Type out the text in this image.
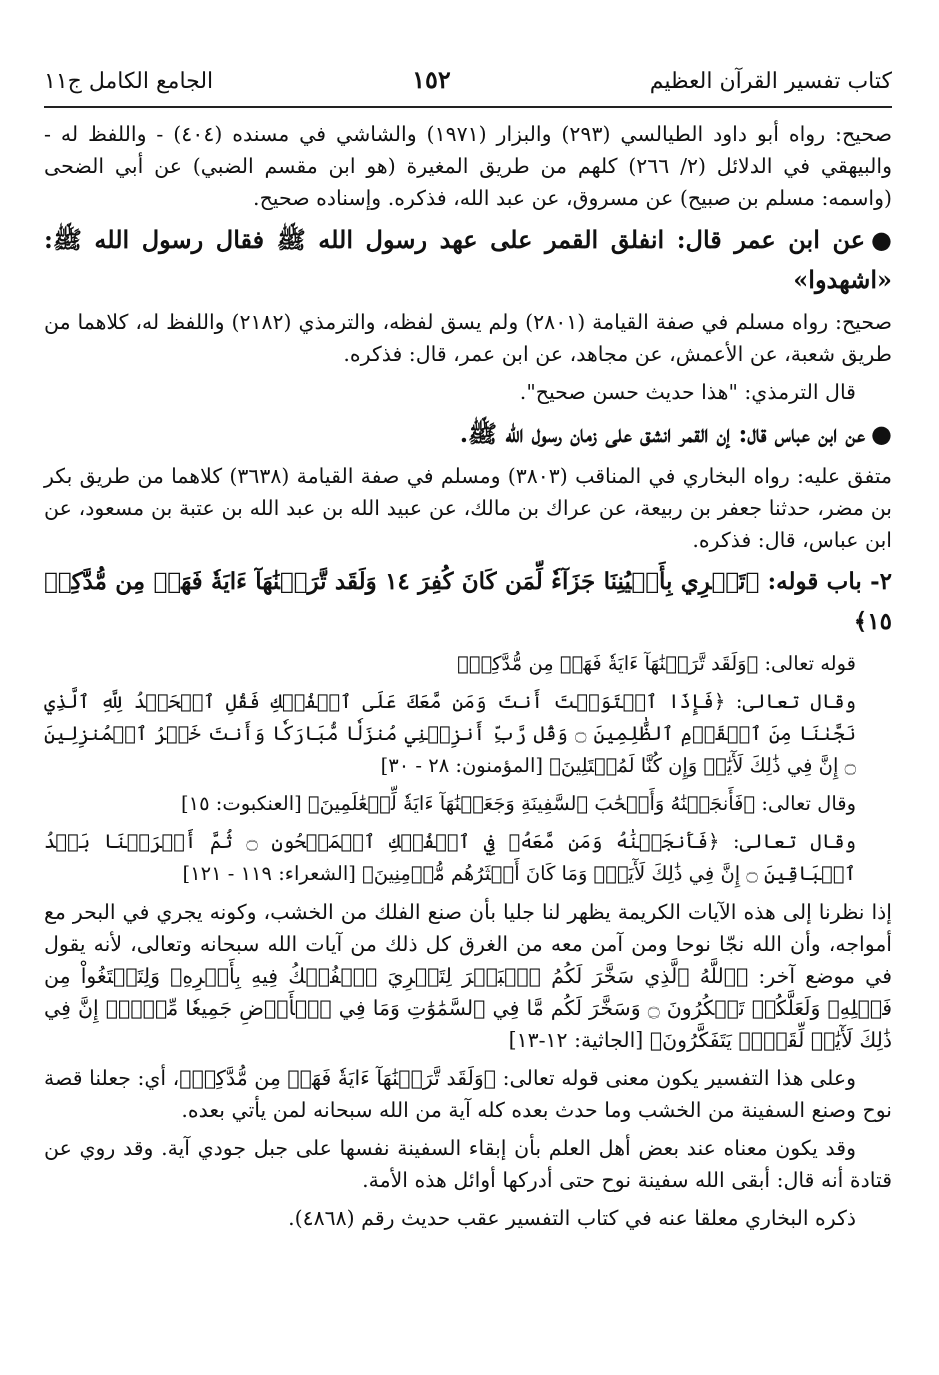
كتاب تفسير القرآن العظيم
١٥٢
الجامع الكامل ج١١

صحيح: رواه أبو داود الطيالسي (٢٩٣) والبزار (١٩٧١) والشاشي في مسنده (٤٠٤) - واللفظ له - والبيهقي في الدلائل (٢/ ٢٦٦) كلهم من طريق المغيرة (هو ابن مقسم الضبي) عن أبي الضحى (واسمه: مسلم بن صبيح) عن مسروق، عن عبد الله، فذكره. وإسناده صحيح.

●عن ابن عمر قال: انفلق القمر على عهد رسول الله ﷺ فقال رسول الله ﷺ: «اشهدوا»

صحيح: رواه مسلم في صفة القيامة (٢٨٠١) ولم يسق لفظه، والترمذي (٢١٨٢) واللفظ له، كلاهما من طريق شعبة، عن الأعمش، عن مجاهد، عن ابن عمر، قال: فذكره.

قال الترمذي: "هذا حديث حسن صحيح".

●عن ابن عباس قال: إن القمر انشق على زمان رسول الله ﷺ.

متفق عليه: رواه البخاري في المناقب (٣٨٠٣) ومسلم في صفة القيامة (٣٦٣٨) كلاهما من طريق بكر بن مضر، حدثنا جعفر بن ربيعة، عن عراك بن مالك، عن عبيد الله بن عبد الله بن عتبة بن مسعود، عن ابن عباس، قال: فذكره.

٢- باب قوله: ﴿تَجۡرِي بِأَعۡيُنِنَا جَزَآءٗ لِّمَن كَانَ كُفِرَ ١٤ وَلَقَد تَّرَكۡنَٰهَآ ءَايَةٗ فَهَلۡ مِن مُّدَّكِرٖ ١٥﴾

قوله تعالى: ﴿وَلَقَد تَّرَكۡنَٰهَآ ءَايَةٗ فَهَلۡ مِن مُّدَّكِرٖ﴾

وقال تعالى: ﴿فَإِذَا ٱسۡتَوَيۡتَ أَنتَ وَمَن مَّعَكَ عَلَى ٱلۡفُلۡكِ فَقُلِ ٱلۡحَمۡدُ لِلَّهِ ٱلَّذِي نَجَّىٰنَا مِنَ ٱلۡقَوۡمِ ٱلظَّٰلِمِينَ ۝ وَقُل رَّبِّ أَنزِلۡنِي مُنزَلٗا مُّبَارَكٗا وَأَنتَ خَيۡرُ ٱلۡمُنزِلِينَ ۝ إِنَّ فِي ذَٰلِكَ لَأٓيَٰتٖ وَإِن كُنَّا لَمُبۡتَلِينَ﴾ [المؤمنون: ٢٨ - ٣٠]

وقال تعالى: ﴿فَأَنجَيۡنَٰهُ وَأَصۡحَٰبَ ٱلسَّفِينَةِ وَجَعَلۡنَٰهَآ ءَايَةٗ لِّلۡعَٰلَمِينَ﴾ [العنكبوت: ١٥]

وقال تعالى: ﴿فَأَنجَيۡنَٰهُ وَمَن مَّعَهُۥ فِي ٱلۡفُلۡكِ ٱلۡمَشۡحُونِ ۝ ثُمَّ أَغۡرَقۡنَا بَعۡدُ ٱلۡبَاقِينَ ۝ إِنَّ فِي ذَٰلِكَ لَأٓيَةٗۖ وَمَا كَانَ أَكۡثَرُهُم مُّؤۡمِنِينَ﴾ [الشعراء: ١١٩ - ١٢١]

إذا نظرنا إلى هذه الآيات الكريمة يظهر لنا جليا بأن صنع الفلك من الخشب، وكونه يجري في البحر مع أمواجه، وأن الله نجّا نوحا ومن آمن معه من الغرق كل ذلك من آيات الله سبحانه وتعالى، لأنه يقول في موضع آخر: ﴿ٱللَّهُ ٱلَّذِي سَخَّرَ لَكُمُ ٱلۡبَحۡرَ لِتَجۡرِيَ ٱلۡفُلۡكُ فِيهِ بِأَمۡرِهِۦ وَلِتَبۡتَغُواْ مِن فَضۡلِهِۦ وَلَعَلَّكُمۡ تَشۡكُرُونَ ۝ وَسَخَّرَ لَكُم مَّا فِي ٱلسَّمَٰوَٰتِ وَمَا فِي ٱلۡأَرۡضِ جَمِيعٗا مِّنۡهُۚ إِنَّ فِي ذَٰلِكَ لَأٓيَٰتٖ لِّقَوۡمٖ يَتَفَكَّرُونَ﴾ [الجاثية: ١٢-١٣]

وعلى هذا التفسير يكون معنى قوله تعالى: ﴿وَلَقَد تَّرَكۡنَٰهَآ ءَايَةٗ فَهَلۡ مِن مُّدَّكِرٖ﴾، أي: جعلنا قصة نوح وصنع السفينة من الخشب وما حدث بعده كله آية من الله سبحانه لمن يأتي بعده.

وقد يكون معناه عند بعض أهل العلم بأن إبقاء السفينة نفسها على جبل جودي آية. وقد روي عن قتادة أنه قال: أبقى الله سفينة نوح حتى أدركها أوائل هذه الأمة.

ذكره البخاري معلقا عنه في كتاب التفسير عقب حديث رقم (٤٨٦٨).
